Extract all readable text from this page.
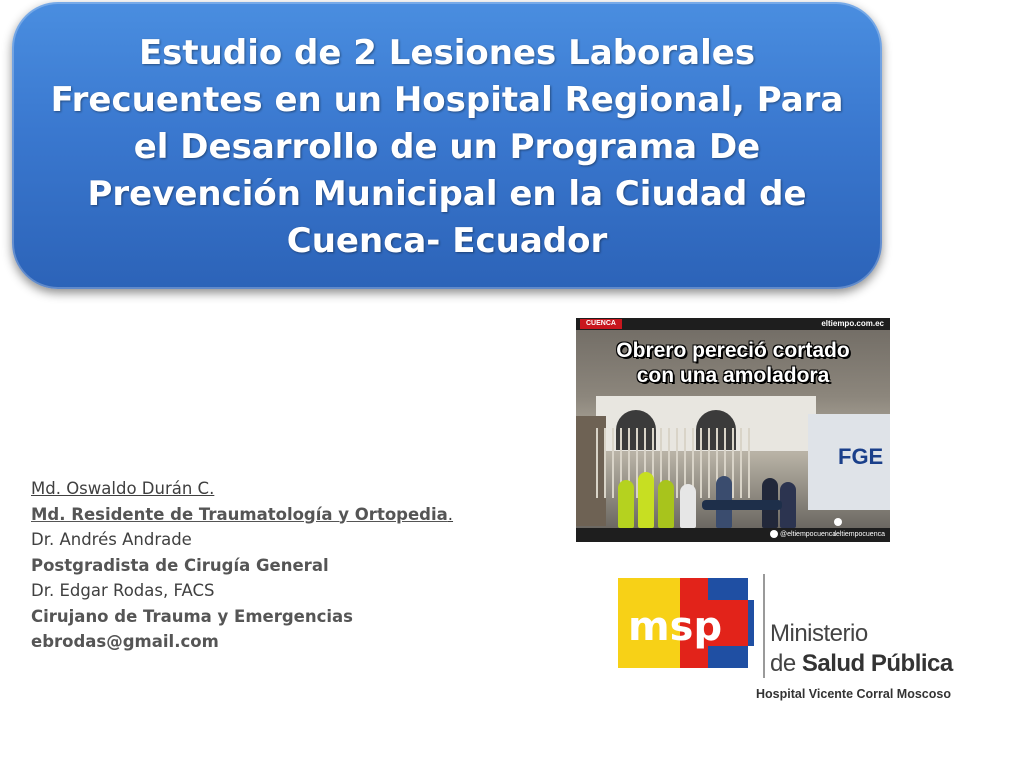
Estudio de 2 Lesiones Laborales Frecuentes en un Hospital Regional, Para el Desarrollo de un Programa De Prevención Municipal en la Ciudad de Cuenca- Ecuador
CUENCA	eltiempo.com.ec
FGE
Obrero pereció cortado
con una amoladora
@eltiempocuenca
/eltiempocuenca
Md. Oswaldo Durán C.
Md. Residente de Traumatología y Ortopedia.
Dr. Andrés Andrade
Postgradista de Cirugía General
Dr. Edgar Rodas, FACS
Cirujano de Trauma y Emergencias
ebrodas@gmail.com	msp Ministerio
de Salud Pública
Hospital Vicente Corral Moscoso
